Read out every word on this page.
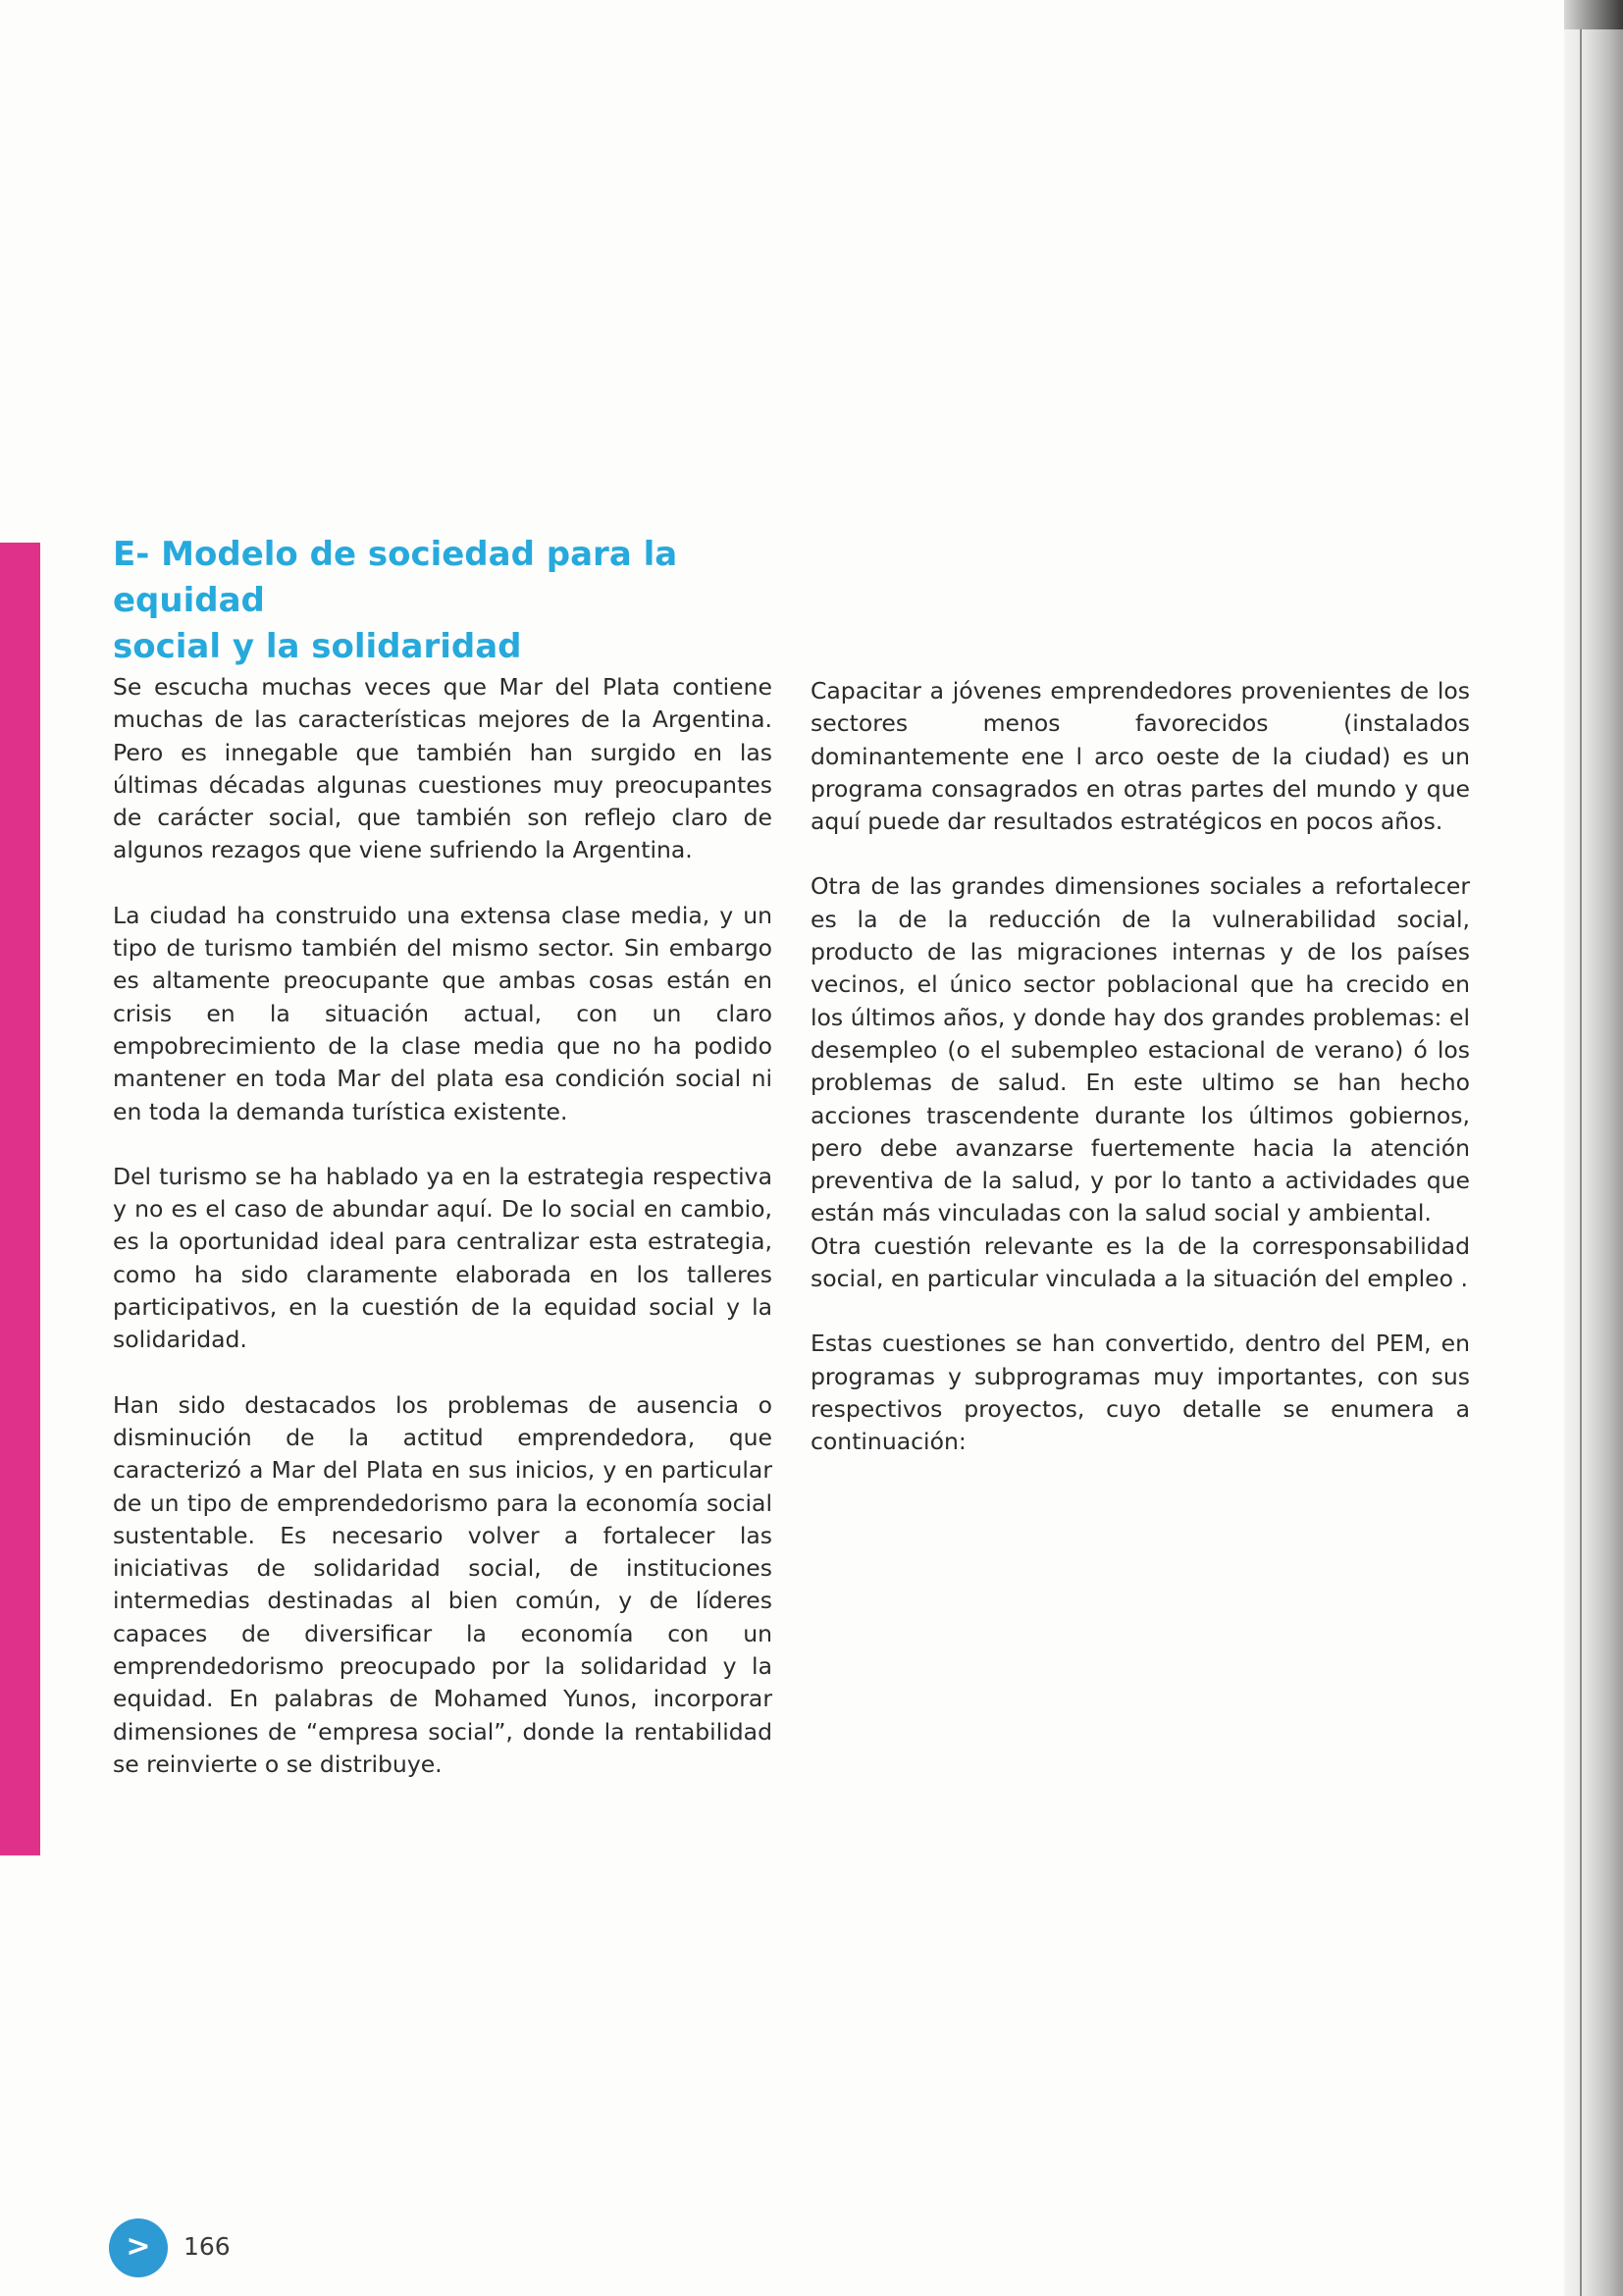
E- Modelo de sociedad para la equidad
social y la solidaridad

Se escucha muchas veces que Mar del Plata contiene muchas de las características mejores de la Argentina. Pero es innegable que también han surgido en las últimas décadas algunas cuestiones muy preocupantes de carácter social, que también son reflejo claro de algunos rezagos que viene sufriendo la Argentina.

La ciudad ha construido una extensa clase media, y un tipo de turismo también del mismo sector. Sin embargo es altamente preocupante que ambas cosas están en crisis en la situación actual, con un claro empobrecimiento de la clase media que no ha podido mantener en toda Mar del plata esa condición social ni en toda la demanda turística existente.

Del turismo se ha hablado ya en la estrategia respectiva y no es el caso de abundar aquí. De lo social en cambio, es la oportunidad ideal para centralizar esta estrategia, como ha sido claramente elaborada en los talleres participativos, en la cuestión de la equidad social y la solidaridad.

Han sido destacados los problemas de ausencia o disminución de la actitud emprendedora, que caracterizó a Mar del Plata en sus inicios, y en particular de un tipo de emprendedorismo para la economía social sustentable. Es necesario volver a fortalecer las iniciativas de solidaridad social, de instituciones intermedias destinadas al bien común, y de líderes capaces de diversificar la economía con un emprendedorismo preocupado por la solidaridad y la equidad. En palabras de Mohamed Yunos, incorporar dimensiones de “empresa social”, donde la rentabilidad se reinvierte o se distribuye.

Capacitar a jóvenes emprendedores provenientes de los sectores menos favorecidos (instalados dominantemente ene l arco oeste de la ciudad) es un programa consagrados en otras partes del mundo y que aquí puede dar resultados estratégicos en pocos años.

Otra de las grandes dimensiones sociales a refortalecer es la de la reducción de la vulnerabilidad social, producto de las migraciones internas y de los países vecinos, el único sector poblacional que ha crecido en los últimos años, y donde hay dos grandes problemas: el desempleo (o el subempleo estacional de verano) ó los problemas de salud. En este ultimo se han hecho acciones trascendente durante los últimos gobiernos, pero debe avanzarse fuertemente hacia la atención preventiva de la salud, y por lo tanto a actividades que están más vinculadas con la salud social y ambiental.

Otra cuestión relevante es la de la corresponsabilidad social, en particular vinculada a la situación del empleo .

Estas cuestiones se han convertido, dentro del PEM, en programas y subprogramas muy importantes, con sus respectivos proyectos, cuyo detalle se enumera a continuación:

>	166
